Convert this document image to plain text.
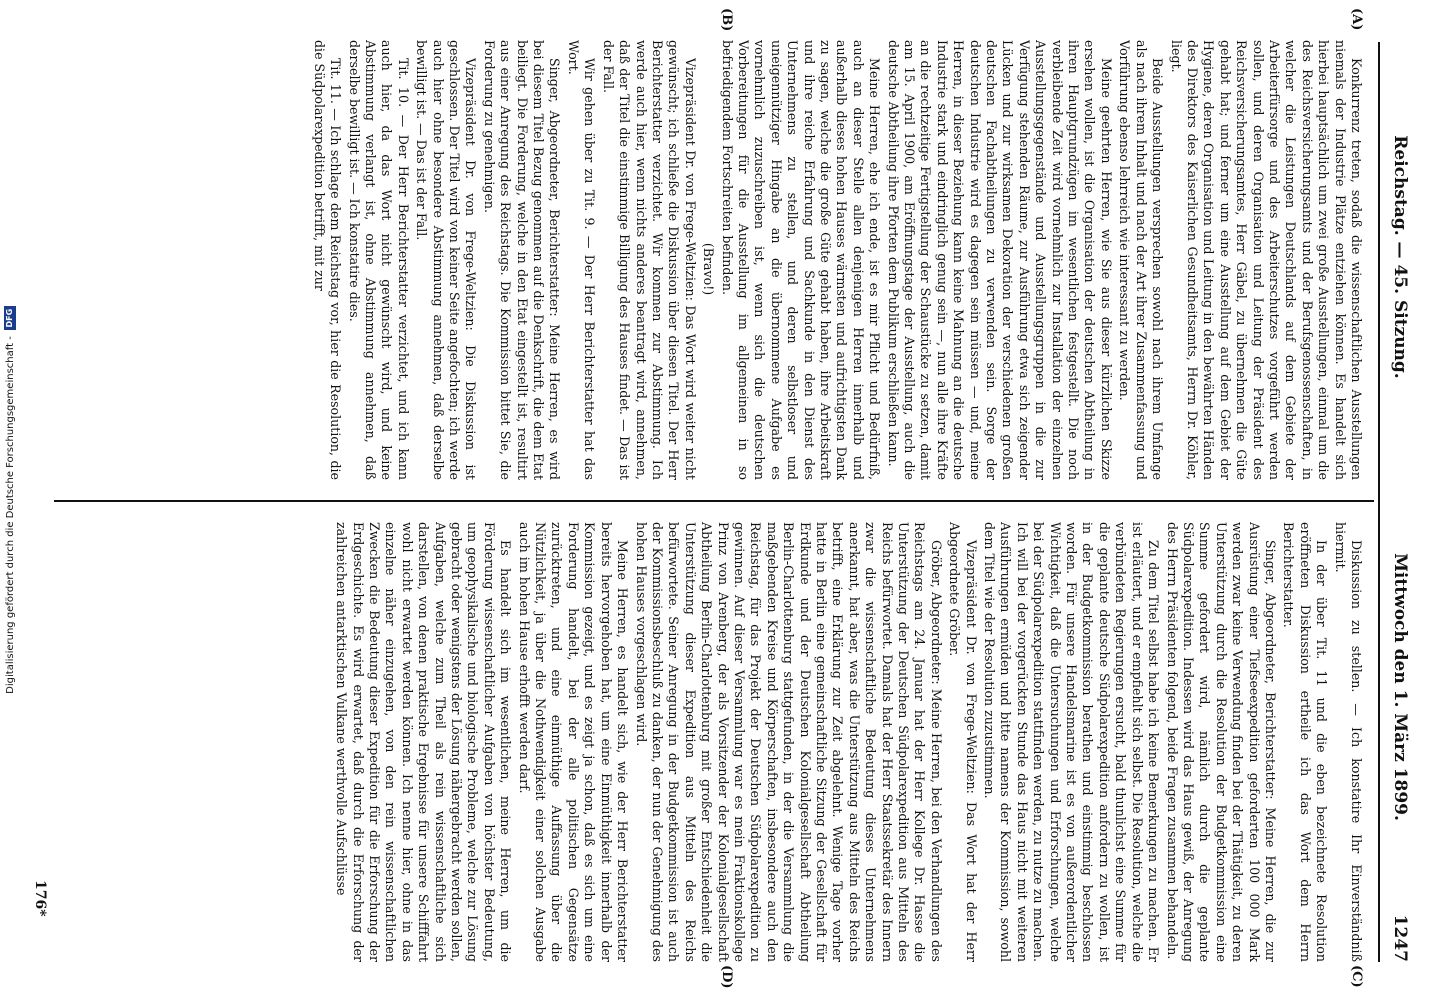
Reichstag. — 45. Sitzung.
Mittwoch den 1. März 1899.
1247
(A)
(B)
(C)
(D)

Konkurrenz treten, sodaß die wissenschaftlichen Ausstellungen niemals der Industrie Plätze entziehen können. Es handelt sich hierbei hauptsächlich um zwei große Ausstellungen, einmal um die des Reichsversicherungsamts und der Berufsgenossenschaften, in welcher die Leistungen Deutschlands auf dem Gebiete der Arbeiterfürsorge und des Arbeiterschutzes vorgeführt werden sollen, und deren Organisation und Leitung der Präsident des Reichsversicherungsamtes, Herr Gäbel, zu übernehmen die Güte gehabt hat; und ferner um eine Ausstellung auf dem Gebiet der Hygiene, deren Organisation und Leitung in den bewährten Händen des Direktors des Kaiserlichen Gesundheitsamts, Herrn Dr. Köhler, liegt.

Beide Ausstellungen versprechen sowohl nach ihrem Umfange als nach ihrem Inhalt und nach der Art ihrer Zusammenfassung und Vorführung ebenso lehrreich wie interessant zu werden.

Meine geehrten Herren, wie Sie aus dieser kürzlichen Skizze ersehen wollen, ist die Organisation der deutschen Abtheilung in ihren Hauptgrundzügen im wesentlichen festgestellt. Die noch verbleibende Zeit wird vornehmlich zur Installation der einzelnen Ausstellungsgegenstände und Ausstellungsgruppen in die zur Verfügung stehenden Räume, zur Ausführung etwa sich zeigender Lücken und zur wirksamen Dekoration der verschiedenen großen deutschen Fachabtheilungen zu verwenden sein. Sorge der deutschen Industrie wird es dagegen sein müssen — und, meine Herren, in dieser Beziehung kann keine Mahnung an die deutsche Industrie stark und eindringlich genug sein —, nun alle ihre Kräfte an die rechtzeitige Fertigstellung der Schaustücke zu setzen, damit am 15. April 1900, am Eröffnungstage der Ausstellung, auch die deutsche Abtheilung ihre Pforten dem Publikum erschließen kann.

Meine Herren, ehe ich ende, ist es mir Pflicht und Bedürfniß, auch an dieser Stelle allen denjenigen Herren innerhalb und außerhalb dieses hohen Hauses wärmsten und aufrichtigsten Dank zu sagen, welche die große Güte gehabt haben, ihre Arbeitskraft und ihre reiche Erfahrung und Sachkunde in den Dienst des Unternehmens zu stellen, und deren selbstloser und uneigennütziger Hingabe an die übernommene Aufgabe es vornehmlich zuzuschreiben ist, wenn sich die deutschen Vorbereitungen für die Ausstellung im allgemeinen in so befriedigendem Fortschreiten befinden.

(Bravo!)

Vizepräsident Dr. von Frege-Weltzien: Das Wort wird weiter nicht gewünscht; ich schließe die Diskussion über diesen Titel. Der Herr Berichterstatter verzichtet. Wir kommen zur Abstimmung. Ich werde auch hier, wenn nichts anderes beantragt wird, annehmen, daß der Titel die einstimmige Billigung des Hauses findet. — Das ist der Fall.

Wir gehen über zu Tit. 9. — Der Herr Berichterstatter hat das Wort.

Singer, Abgeordneter, Berichterstatter: Meine Herren, es wird bei diesem Titel Bezug genommen auf die Denkschrift, die dem Etat beiliegt. Die Forderung, welche in den Etat eingestellt ist, resultirt aus einer Anregung des Reichstags. Die Kommission bittet Sie, die Forderung zu genehmigen.

Vizepräsident Dr. von Frege-Weltzien: Die Diskussion ist geschlossen. Der Titel wird von keiner Seite angefochten; ich werde auch hier ohne besondere Abstimmung annehmen, daß derselbe bewilligt ist. — Das ist der Fall.

Tit. 10. — Der Herr Berichterstatter verzichtet, und ich kann auch hier, da das Wort nicht gewünscht wird, und keine Abstimmung verlangt ist, ohne Abstimmung annehmen, daß derselbe bewilligt ist. — Ich konstatire dies.

Tit. 11. — Ich schlage dem Reichstag vor, hier die Resolution, die die Südpolarexpedition betrifft, mit zur

Diskussion zu stellen. — Ich konstatire Ihr Einverständniß hiermit.

In der über Tit. 11 und die eben bezeichnete Resolution eröffneten Diskussion ertheile ich das Wort dem Herrn Berichterstatter.

Singer, Abgeordneter, Berichterstatter: Meine Herren, die zur Ausrüstung einer Tiefseeexpedition geforderten 100 000 Mark werden zwar keine Verwendung finden bei der Thätigkeit, zu deren Unterstützung durch die Resolution der Budgetkommission eine Summe gefordert wird, nämlich durch die geplante Südpolarexpedition. Indessen wird das Haus gewiß, der Anregung des Herrn Präsidenten folgend, beide Fragen zusammen behandeln.

Zu dem Titel selbst habe ich keine Bemerkungen zu machen. Er ist erläutert, und er empfiehlt sich selbst. Die Resolution, welche die verbündeten Regierungen ersucht, bald thunlichst eine Summe für die geplante deutsche Südpolarexpedition anfordern zu wollen, ist in der Budgetkommission berathen und einstimmig beschlossen worden. Für unsere Handelsmarine ist es von außerordentlicher Wichtigkeit, daß die Untersuchungen und Erforschungen, welche bei der Südpolarexpedition stattfinden werden, zu nutze zu machen. Ich will bei der vorgerückten Stunde das Haus nicht mit weiteren Ausführungen ermüden und bitte namens der Kommission, sowohl dem Titel wie der Resolution zuzustimmen.

Vizepräsident Dr. von Frege-Weltzien: Das Wort hat der Herr Abgeordnete Gröber.

Gröber, Abgeordneter: Meine Herren, bei den Verhandlungen des Reichstags am 24. Januar hat der Herr Kollege Dr. Hasse die Unterstützung der Deutschen Südpolarexpedition aus Mitteln des Reichs befürwortet. Damals hat der Herr Staatssekretär des Innern zwar die wissenschaftliche Bedeutung dieses Unternehmens anerkannt, hat aber, was die Unterstützung aus Mitteln des Reichs betrifft, eine Erklärung zur Zeit abgelehnt. Wenige Tage vorher hatte in Berlin eine gemeinschaftliche Sitzung der Gesellschaft für Erdkunde und der Deutschen Kolonialgesellschaft Abtheilung Berlin-Charlottenburg stattgefunden, in der die Versammlung die maßgebenden Kreise und Körperschaften, insbesondere auch den Reichstag, für das Projekt der Deutschen Südpolarexpedition zu gewinnen. Auf dieser Versammlung war es mein Fraktionskollege Prinz von Arenberg, der als Vorsitzender der Kolonialgesellschaft Abtheilung Berlin-Charlottenburg mit großer Entschiedenheit die Unterstützung dieser Expedition aus Mitteln des Reichs befürwortete. Seiner Anregung in der Budgetkommission ist auch der Kommissionsbeschluß zu danken, der nun der Genehmigung des hohen Hauses vorgeschlagen wird.

Meine Herren, es handelt sich, wie der Herr Berichterstatter bereits hervorgehoben hat, um eine Einmüthigkeit innerhalb der Kommission gezeigt, und es zeigt ja schon, daß es sich um eine Forderung handelt, bei der alle politischen Gegensätze zurücktreten, und eine einmüthige Auffassung über die Nützlichkeit, ja über die Nothwendigkeit einer solchen Ausgabe auch im hohen Hause erhofft werden darf.

Es handelt sich im wesentlichen, meine Herren, um die Förderung wissenschaftlicher Aufgaben von höchster Bedeutung, um geophysikalische und biologische Probleme, welche zur Lösung gebracht oder wenigstens der Lösung nähergebracht werden sollen, Aufgaben, welche zum Theil als rein wissenschaftliche sich darstellen, von denen praktische Ergebnisse für unsere Schifffahrt wohl nicht erwartet werden können. Ich nenne hier, ohne in das einzelne näher einzugehen, von den rein wissenschaftlichen Zwecken die Bedeutung dieser Expedition für die Erforschung der Erdgeschichte. Es wird erwartet, daß durch die Erforschung der zahlreichen antarktischen Vulkane werthvolle Aufschlüsse

176*
Digitalisierung gefördert durch die Deutsche Forschungsgemeinschaft -
DFG
